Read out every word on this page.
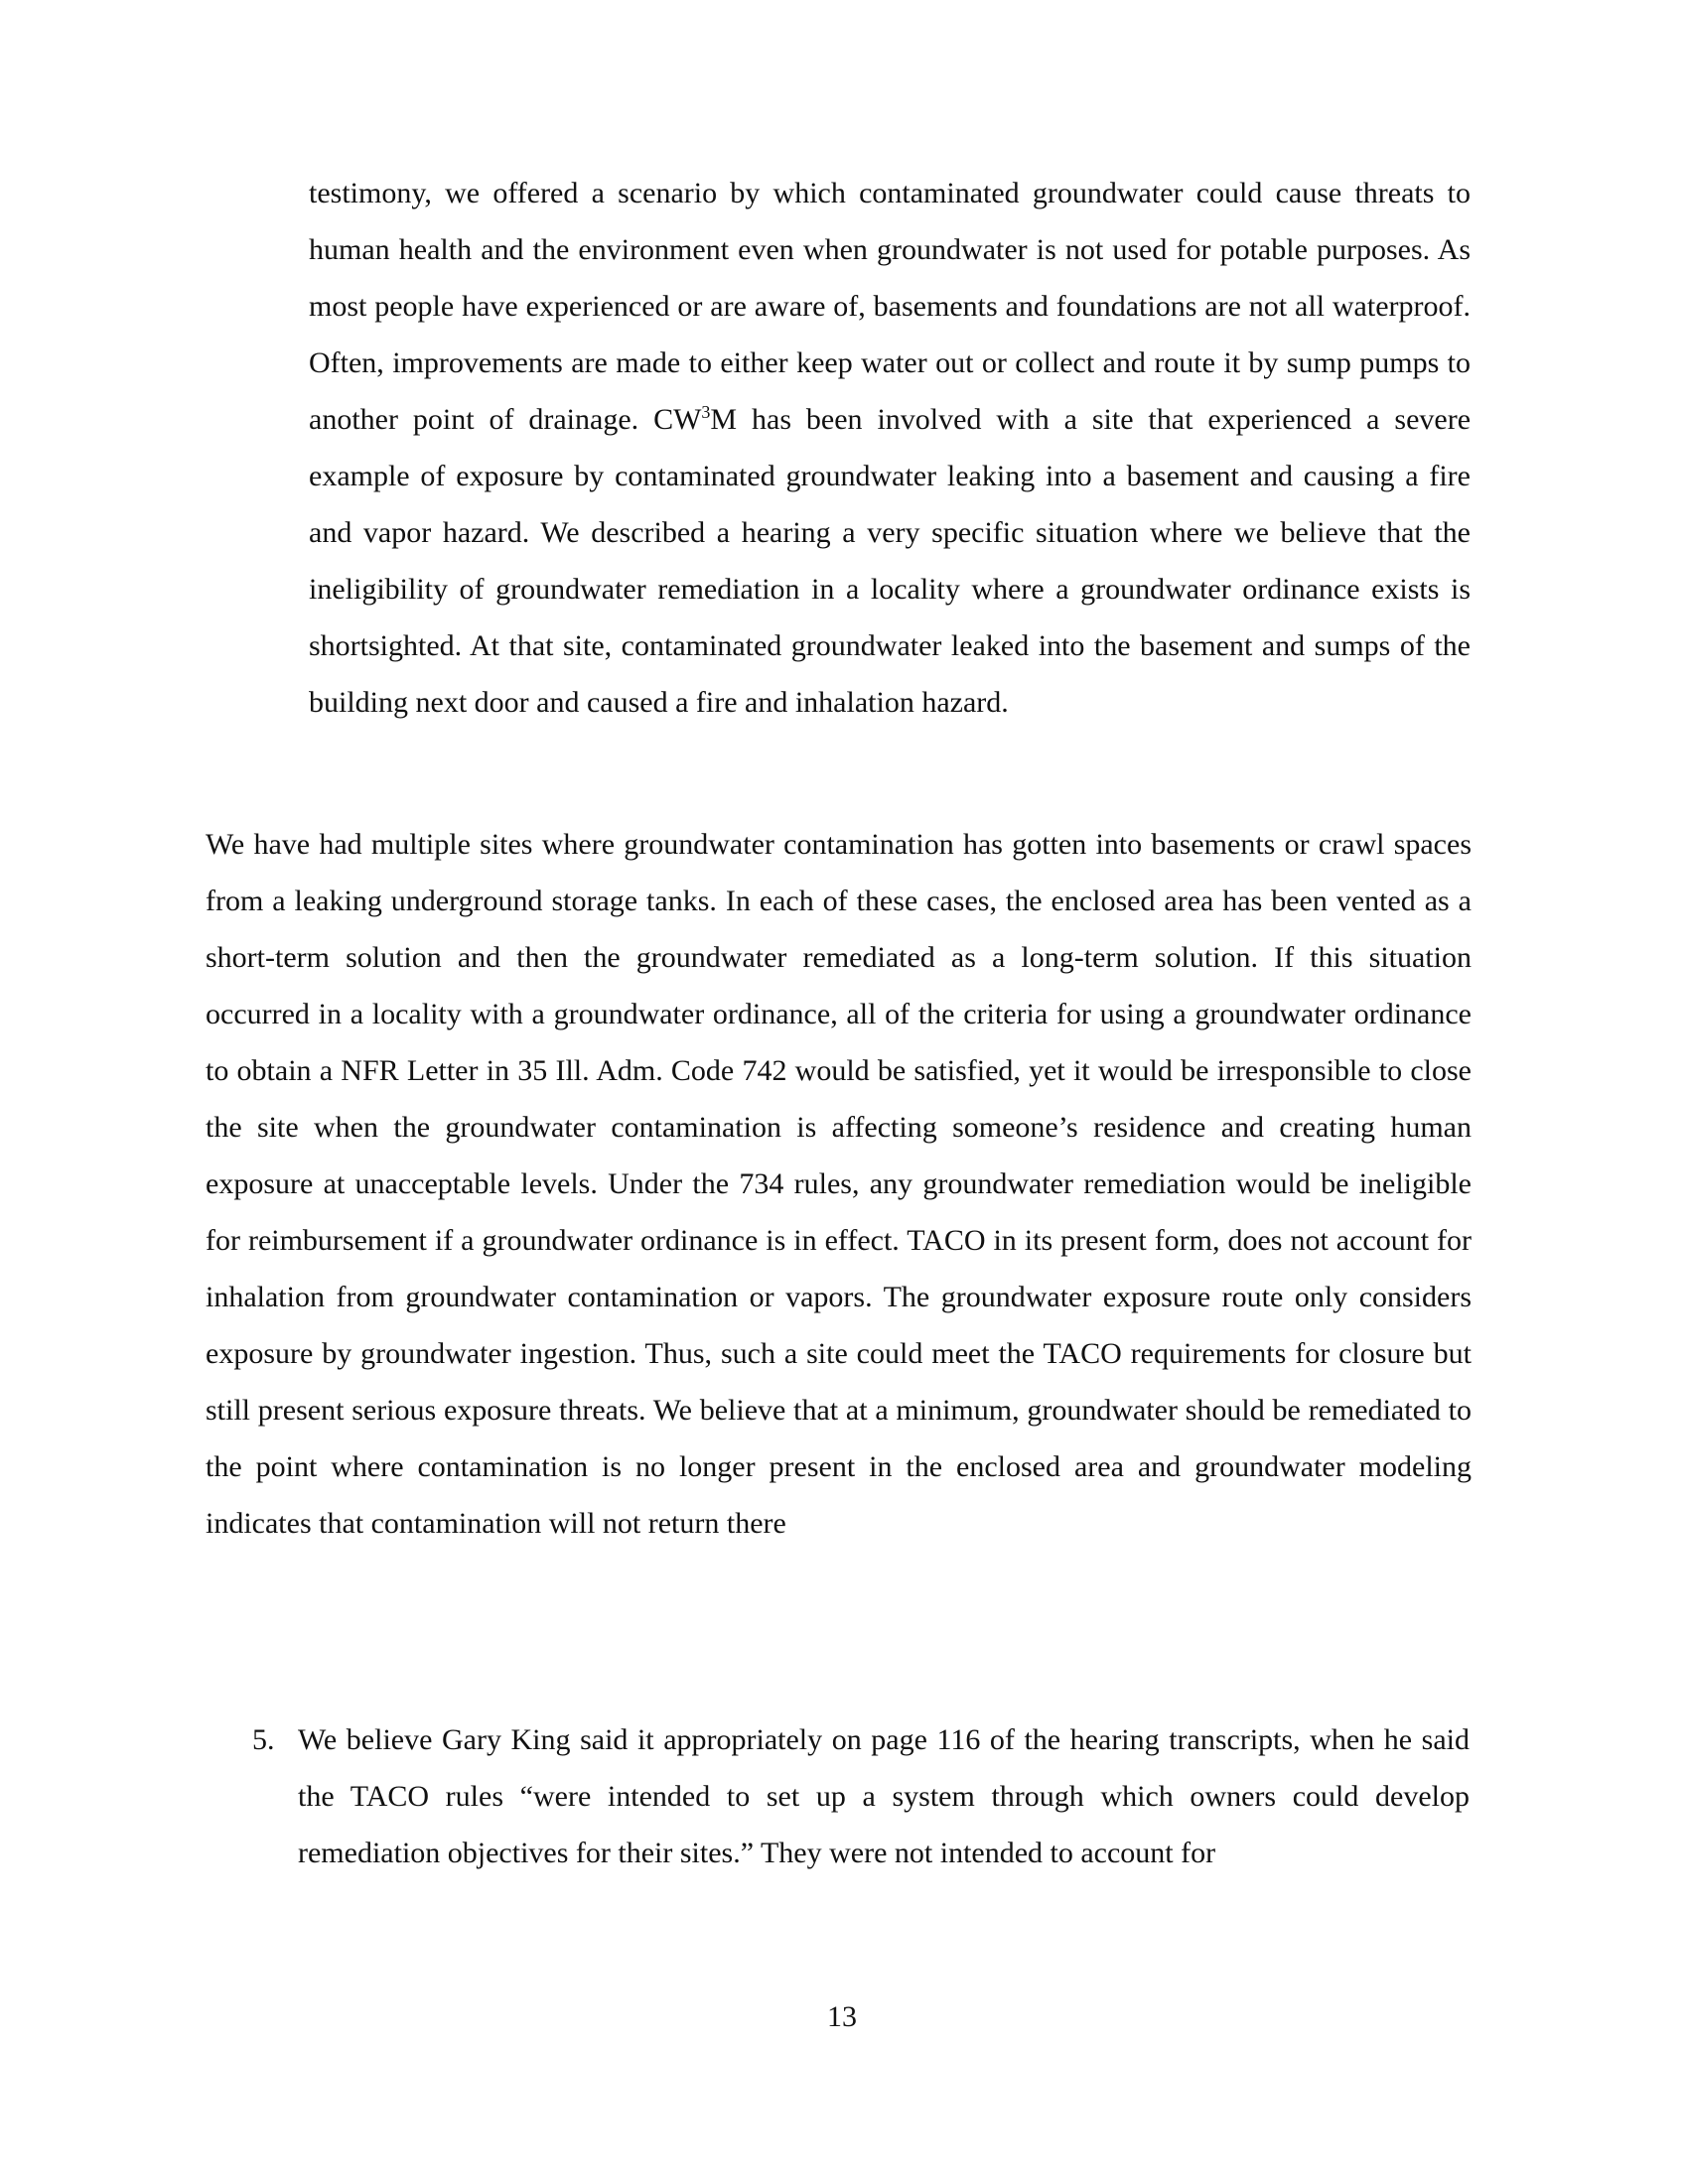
testimony, we offered a scenario by which contaminated groundwater could cause threats to human health and the environment even when groundwater is not used for potable purposes. As most people have experienced or are aware of, basements and foundations are not all waterproof. Often, improvements are made to either keep water out or collect and route it by sump pumps to another point of drainage. $CW^3M$ has been involved with a site that experienced a severe example of exposure by contaminated groundwater leaking into a basement and causing a fire and vapor hazard. We described a hearing a very specific situation where we believe that the ineligibility of groundwater remediation in a locality where a groundwater ordinance exists is shortsighted. At that site, contaminated groundwater leaked into the basement and sumps of the building next door and caused a fire and inhalation hazard.

We have had multiple sites where groundwater contamination has gotten into basements or crawl spaces from a leaking underground storage tanks. In each of these cases, the enclosed area has been vented as a short-term solution and then the groundwater remediated as a long-term solution. If this situation occurred in a locality with a groundwater ordinance, all of the criteria for using a groundwater ordinance to obtain a NFR Letter in 35 Ill. Adm. Code 742 would be satisfied, yet it would be irresponsible to close the site when the groundwater contamination is affecting someone’s residence and creating human exposure at unacceptable levels. Under the 734 rules, any groundwater remediation would be ineligible for reimbursement if a groundwater ordinance is in effect. TACO in its present form, does not account for inhalation from groundwater contamination or vapors. The groundwater exposure route only considers exposure by groundwater ingestion. Thus, such a site could meet the TACO requirements for closure but still present serious exposure threats. We believe that at a minimum, groundwater should be remediated to the point where contamination is no longer present in the enclosed area and groundwater modeling indicates that contamination will not return there

5. We believe Gary King said it appropriately on page 116 of the hearing transcripts, when he said the TACO rules “were intended to set up a system through which owners could develop remediation objectives for their sites.” They were not intended to account for
13
